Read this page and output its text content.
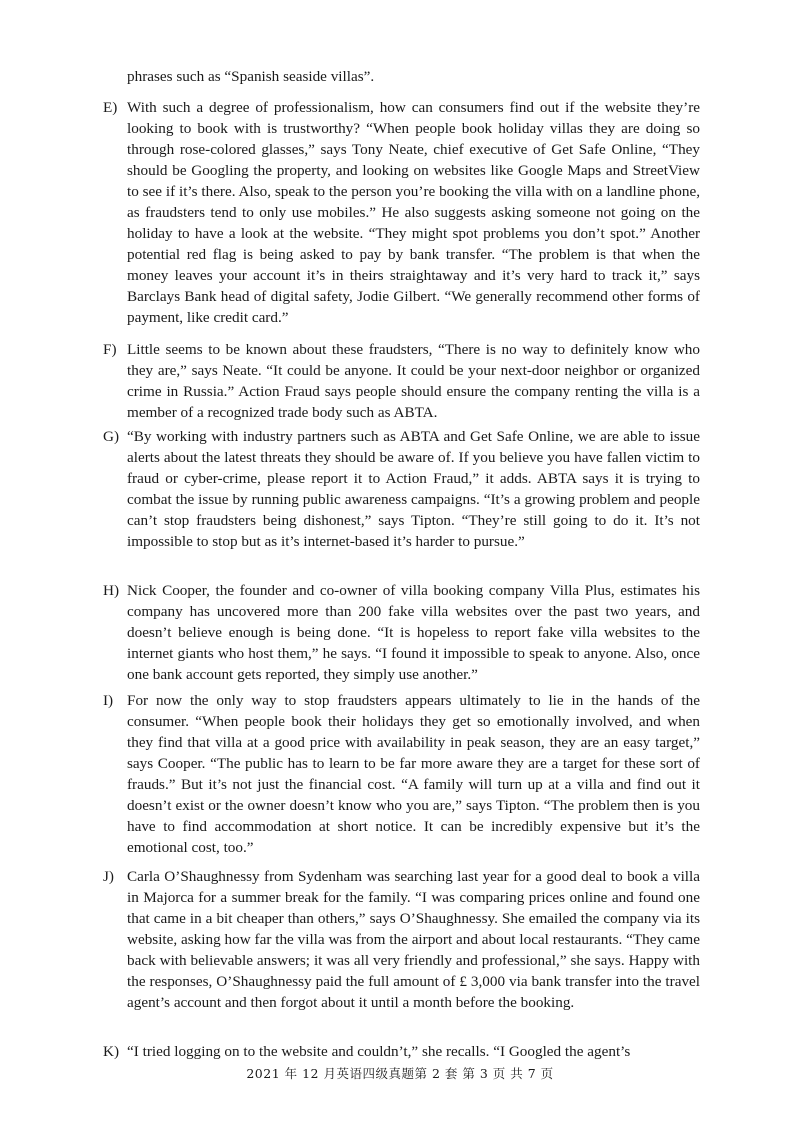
phrases such as “Spanish seaside villas”.
E) With such a degree of professionalism, how can consumers find out if the website they’re looking to book with is trustworthy? “When people book holiday villas they are doing so through rose-colored glasses,” says Tony Neate, chief executive of Get Safe Online, “They should be Googling the property, and looking on websites like Google Maps and StreetView to see if it’s there. Also, speak to the person you’re booking the villa with on a landline phone, as fraudsters tend to only use mobiles.” He also suggests asking someone not going on the holiday to have a look at the website. “They might spot problems you don’t spot.” Another potential red flag is being asked to pay by bank transfer. “The problem is that when the money leaves your account it’s in theirs straightaway and it’s very hard to track it,” says Barclays Bank head of digital safety, Jodie Gilbert. “We generally recommend other forms of payment, like credit card.”
F) Little seems to be known about these fraudsters, “There is no way to definitely know who they are,” says Neate. “It could be anyone. It could be your next-door neighbor or organized crime in Russia.” Action Fraud says people should ensure the company renting the villa is a member of a recognized trade body such as ABTA.
G) “By working with industry partners such as ABTA and Get Safe Online, we are able to issue alerts about the latest threats they should be aware of. If you believe you have fallen victim to fraud or cyber-crime, please report it to Action Fraud,” it adds. ABTA says it is trying to combat the issue by running public awareness campaigns. “It’s a growing problem and people can’t stop fraudsters being dishonest,” says Tipton. “They’re still going to do it. It’s not impossible to stop but as it’s internet-based it’s harder to pursue.”
H) Nick Cooper, the founder and co-owner of villa booking company Villa Plus, estimates his company has uncovered more than 200 fake villa websites over the past two years, and doesn’t believe enough is being done. “It is hopeless to report fake villa websites to the internet giants who host them,” he says. “I found it impossible to speak to anyone. Also, once one bank account gets reported, they simply use another.”
I) For now the only way to stop fraudsters appears ultimately to lie in the hands of the consumer. “When people book their holidays they get so emotionally involved, and when they find that villa at a good price with availability in peak season, they are an easy target,” says Cooper. “The public has to learn to be far more aware they are a target for these sort of frauds.” But it’s not just the financial cost. “A family will turn up at a villa and find out it doesn’t exist or the owner doesn’t know who you are,” says Tipton. “The problem then is you have to find accommodation at short notice. It can be incredibly expensive but it’s the emotional cost, too.”
J) Carla O’Shaughnessy from Sydenham was searching last year for a good deal to book a villa in Majorca for a summer break for the family. “I was comparing prices online and found one that came in a bit cheaper than others,” says O’Shaughnessy. She emailed the company via its website, asking how far the villa was from the airport and about local restaurants. “They came back with believable answers; it was all very friendly and professional,” she says. Happy with the responses, O’Shaughnessy paid the full amount of £ 3,000 via bank transfer into the travel agent’s account and then forgot about it until a month before the booking.
K) “I tried logging on to the website and couldn’t,” she recalls. “I Googled the agent’s
2021 年 12 月英语四级真题第 2 套 第 3 页 共 7 页
